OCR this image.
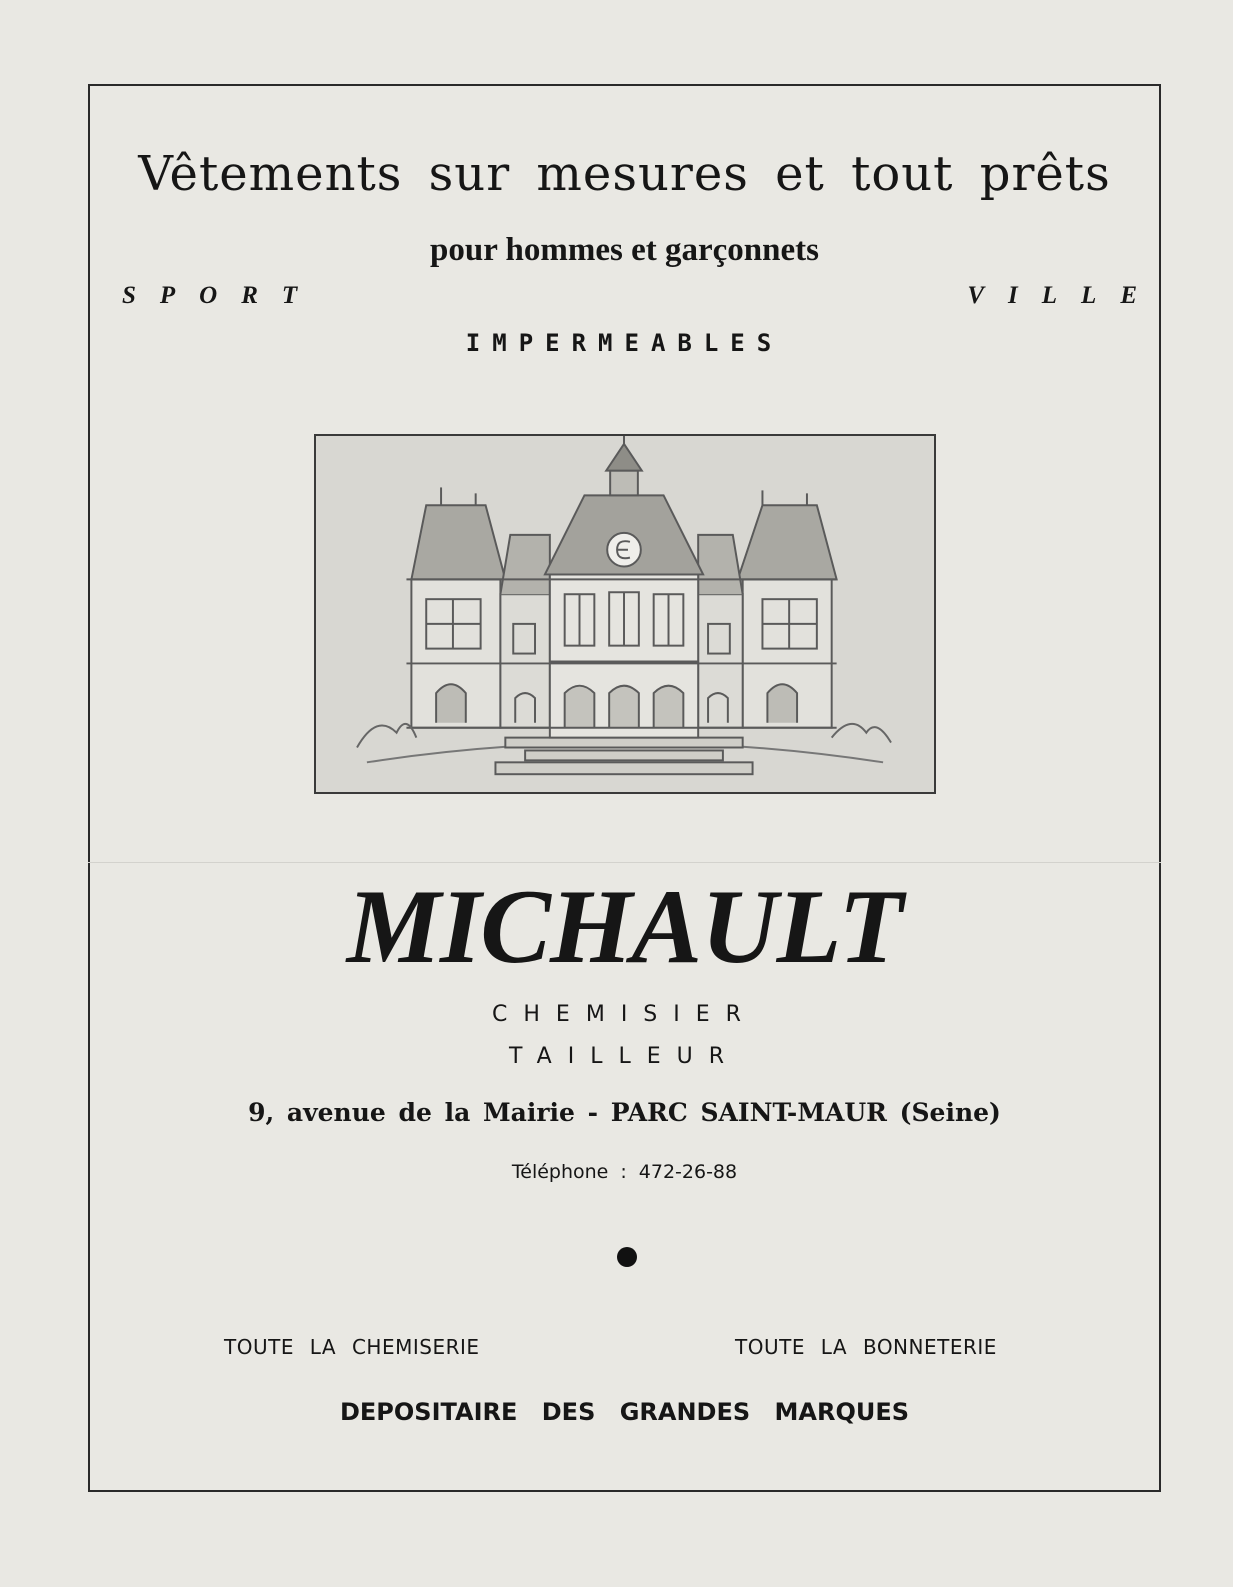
Vêtements sur mesures et tout prêts
pour hommes et garçonnets
SPORT	VILLE
IMPERMEABLES
MICHAULT
CHEMISIER
TAILLEUR
9, avenue de la Mairie - PARC SAINT-MAUR (Seine)
Téléphone : 472-26-88
TOUTE LA CHEMISERIE	TOUTE LA BONNETERIE
DEPOSITAIRE DES GRANDES MARQUES
